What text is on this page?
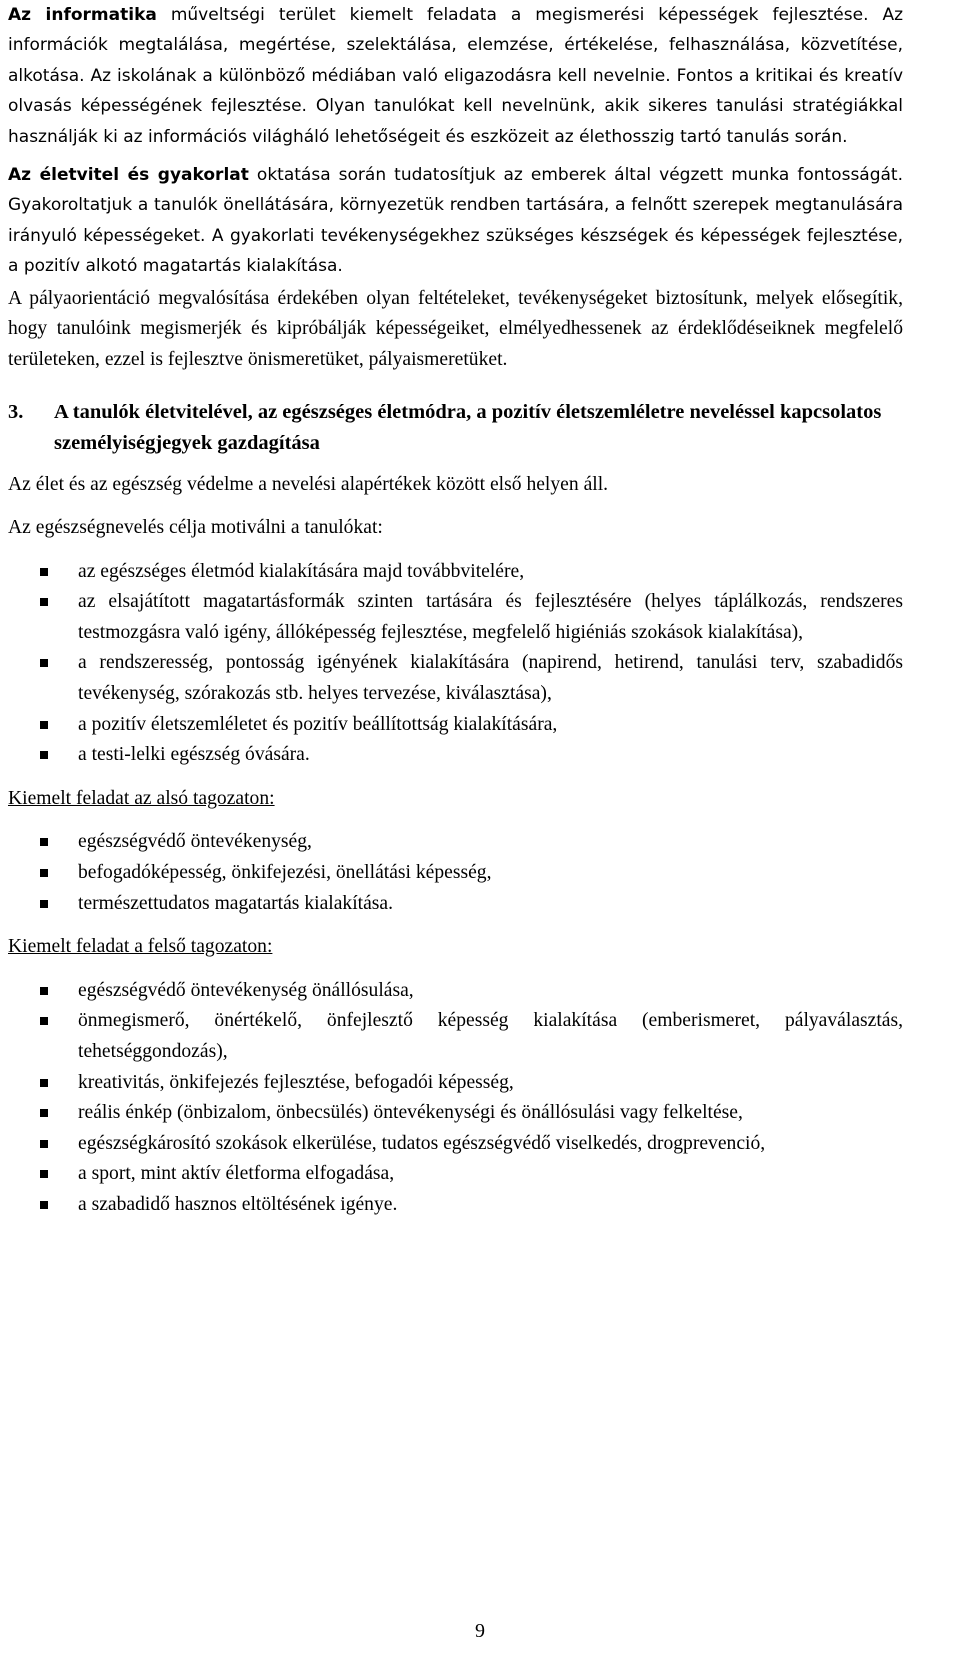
Az informatika műveltségi terület kiemelt feladata a megismerési képességek fejlesztése. Az információk megtalálása, megértése, szelektálása, elemzése, értékelése, felhasználása, közvetítése, alkotása. Az iskolának a különböző médiában való eligazodásra kell nevelnie. Fontos a kritikai és kreatív olvasás képességének fejlesztése. Olyan tanulókat kell nevelnünk, akik sikeres tanulási stratégiákkal használják ki az információs világháló lehetőségeit és eszközeit az élethosszig tartó tanulás során.

Az életvitel és gyakorlat oktatása során tudatosítjuk az emberek által végzett munka fontosságát. Gyakoroltatjuk a tanulók önellátására, környezetük rendben tartására, a felnőtt szerepek megtanulására irányuló képességeket. A gyakorlati tevékenységekhez szükséges készségek és képességek fejlesztése, a pozitív alkotó magatartás kialakítása.

A pályaorientáció megvalósítása érdekében olyan feltételeket, tevékenységeket biztosítunk, melyek elősegítik, hogy tanulóink megismerjék és kipróbálják képességeiket, elmélyedhessenek az érdeklődéseiknek megfelelő területeken, ezzel is fejlesztve önismeretüket, pályaismeretüket.

3.	A tanulók életvitelével, az egészséges életmódra, a pozitív életszemléletre neveléssel kapcsolatos személyiségjegyek gazdagítása

Az élet és az egészség védelme a nevelési alapértékek között első helyen áll.

Az egészségnevelés célja motiválni a tanulókat:

az egészséges életmód kialakítására majd továbbvitelére,
az elsajátított magatartásformák szinten tartására és fejlesztésére (helyes táplálkozás, rendszeres testmozgásra való igény, állóképesség fejlesztése, megfelelő higiéniás szokások kialakítása),
a rendszeresség, pontosság igényének kialakítására (napirend, hetirend, tanulási terv, szabadidős tevékenység, szórakozás stb. helyes tervezése, kiválasztása),
a pozitív életszemléletet és pozitív beállítottság kialakítására,
a testi-lelki egészség óvására.

Kiemelt feladat az alsó tagozaton:

egészségvédő öntevékenység,
befogadóképesség, önkifejezési, önellátási képesség,
természettudatos magatartás kialakítása.

Kiemelt feladat a felső tagozaton:

egészségvédő öntevékenység önállósulása,
önmegismerő, önértékelő, önfejlesztő képesség kialakítása (emberismeret, pályaválasztás, tehetséggondozás),
kreativitás, önkifejezés fejlesztése, befogadói képesség,
reális énkép (önbizalom, önbecsülés) öntevékenységi és önállósulási vagy felkeltése,
egészségkárosító szokások elkerülése, tudatos egészségvédő viselkedés, drogprevenció,
a sport, mint aktív életforma elfogadása,
a szabadidő hasznos eltöltésének igénye.
9
